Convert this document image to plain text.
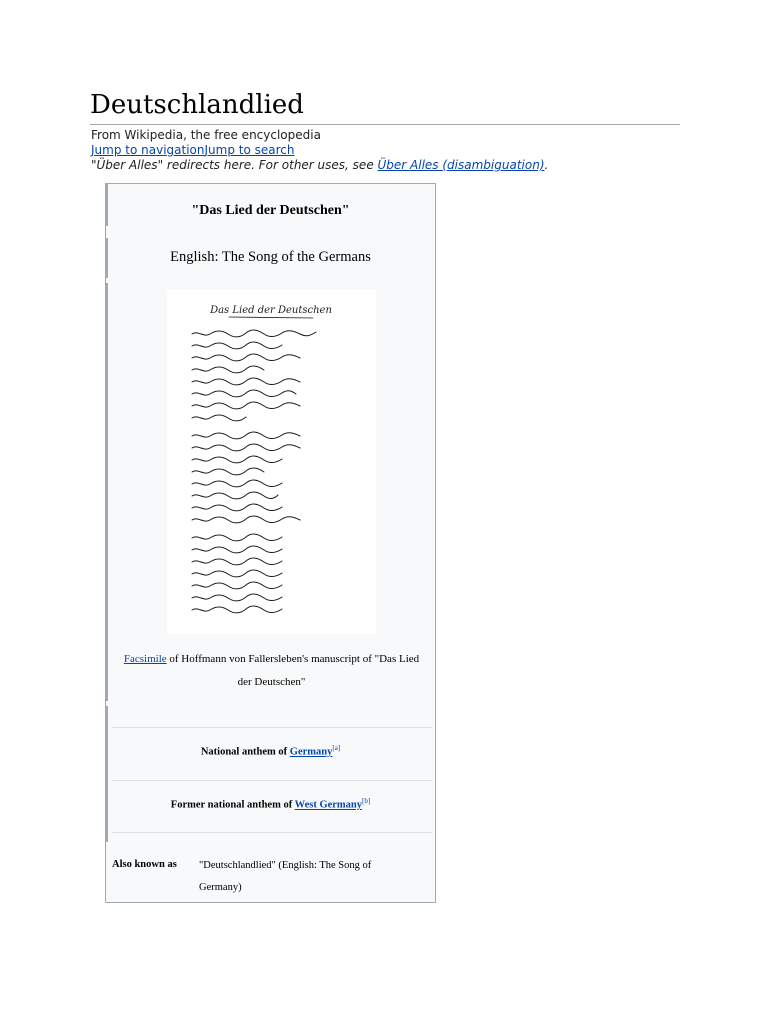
Deutschlandlied
From Wikipedia, the free encyclopedia
Jump to navigationJump to search
"Über Alles" redirects here. For other uses, see Über Alles (disambiguation).
"Das Lied der Deutschen"
English: The Song of the Germans
Das Lied der Deutschen
Facsimile of Hoffmann von Fallersleben's manuscript of "Das Lied der Deutschen"
National anthem of Germany[a]
Former national anthem of West Germany[b]
Also known as "Deutschlandlied" (English: The Song of Germany)
